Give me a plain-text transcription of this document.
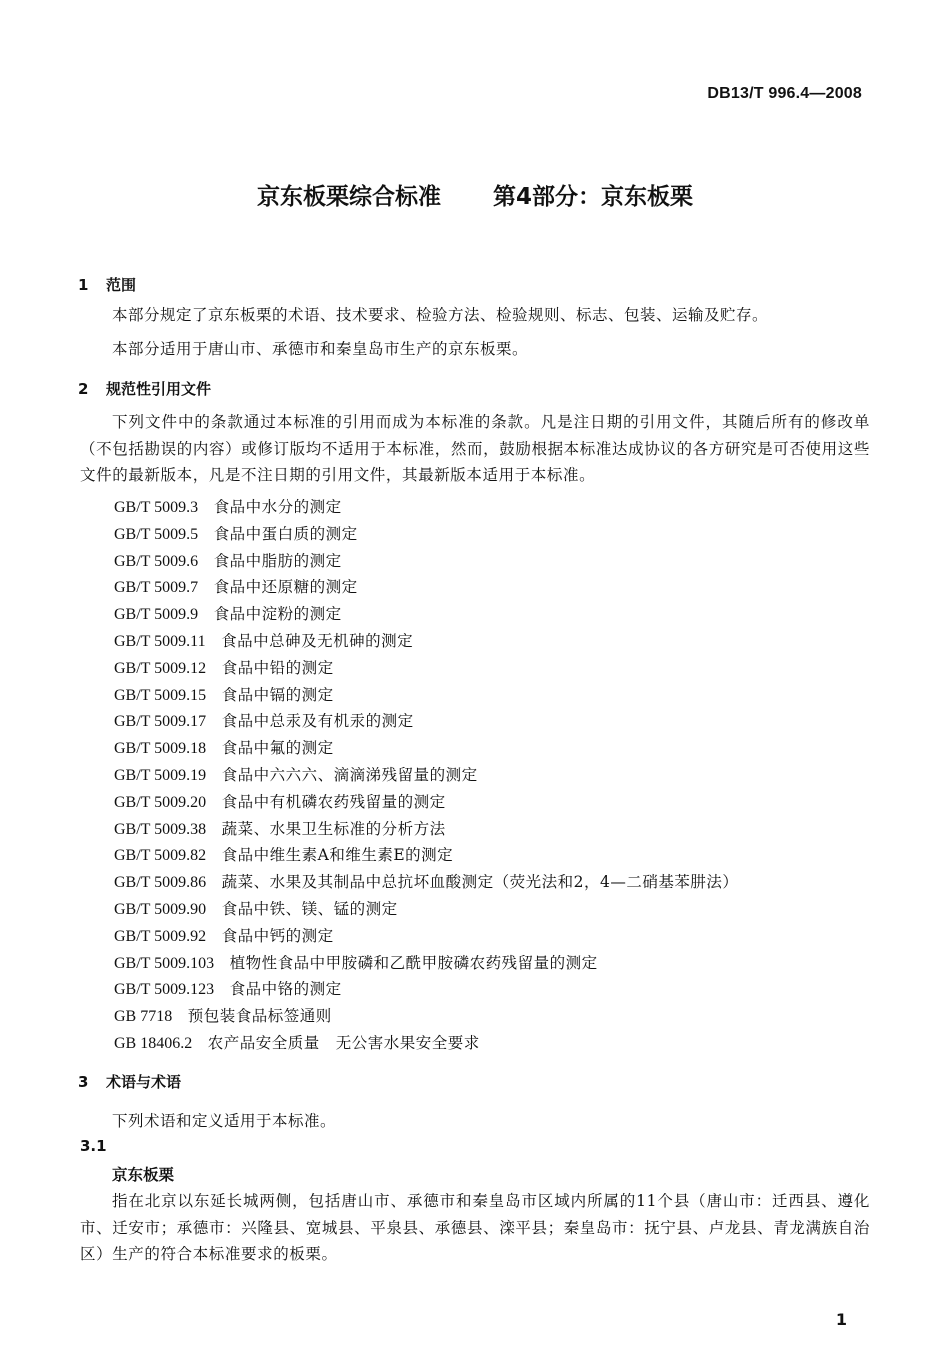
DB13/T 996.4—2008
京东板栗综合标准 第4部分：京东板栗
1 范围
本部分规定了京东板栗的术语、技术要求、检验方法、检验规则、标志、包装、运输及贮存。
本部分适用于唐山市、承德市和秦皇岛市生产的京东板栗。
2 规范性引用文件
下列文件中的条款通过本标准的引用而成为本标准的条款。凡是注日期的引用文件，其随后所有的修改单（不包括勘误的内容）或修订版均不适用于本标准，然而，鼓励根据本标准达成协议的各方研究是可否使用这些文件的最新版本，凡是不注日期的引用文件，其最新版本适用于本标准。
GB/T 5009.3　 食品中水分的测定
GB/T 5009.5　 食品中蛋白质的测定
GB/T 5009.6　 食品中脂肪的测定
GB/T 5009.7　 食品中还原糖的测定
GB/T 5009.9　 食品中淀粉的测定
GB/T 5009.11　 食品中总砷及无机砷的测定
GB/T 5009.12　 食品中铅的测定
GB/T 5009.15　 食品中镉的测定
GB/T 5009.17　 食品中总汞及有机汞的测定
GB/T 5009.18　 食品中氟的测定
GB/T 5009.19　 食品中六六六、滴滴涕残留量的测定
GB/T 5009.20　 食品中有机磷农药残留量的测定
GB/T 5009.38　 蔬菜、水果卫生标准的分析方法
GB/T 5009.82　 食品中维生素A和维生素E的测定
GB/T 5009.86　 蔬菜、水果及其制品中总抗坏血酸测定（荧光法和2，4—二硝基苯肼法）
GB/T 5009.90　 食品中铁、镁、锰的测定
GB/T 5009.92　 食品中钙的测定
GB/T 5009.103　 植物性食品中甲胺磷和乙酰甲胺磷农药残留量的测定
GB/T 5009.123　 食品中铬的测定
GB 7718　 预包装食品标签通则
GB 18406.2　 农产品安全质量　无公害水果安全要求
3 术语与术语
下列术语和定义适用于本标准。
3.1
京东板栗
指在北京以东延长城两侧，包括唐山市、承德市和秦皇岛市区域内所属的11个县（唐山市：迁西县、遵化市、迁安市；承德市：兴隆县、宽城县、平泉县、承德县、滦平县；秦皇岛市：抚宁县、卢龙县、青龙满族自治区）生产的符合本标准要求的板栗。
1
